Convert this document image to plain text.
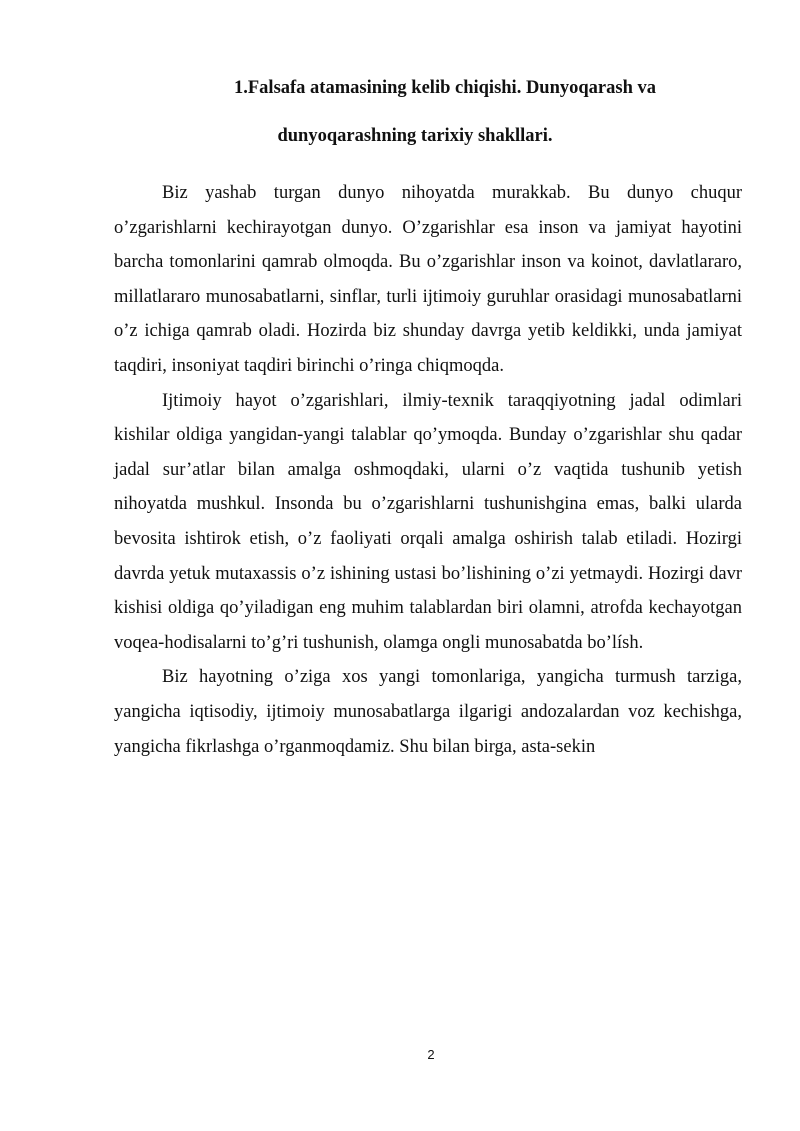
1.Falsafa atamasining kelib chiqishi. Dunyoqarash va
dunyoqarashning tarixiy shakllari.

Biz yashab turgan dunyo nihoyatda murakkab. Bu dunyo chuqur o’zgarishlarni kechirayotgan dunyo. O’zgarishlar esa inson va jamiyat hayotini barcha tomonlarini qamrab olmoqda. Bu o’zgarishlar inson va koinot, davlatlararo, millatlararo munosabatlarni, sinflar, turli ijtimoiy guruhlar orasidagi munosabatlarni o’z ichiga qamrab oladi. Hozirda biz shunday davrga yetib keldikki, unda jamiyat taqdiri, insoniyat taqdiri birinchi o’ringa chiqmoqda.

Ijtimoiy hayot o’zgarishlari, ilmiy-texnik taraqqiyotning jadal odimlari kishilar oldiga yangidan-yangi talablar qo’ymoqda. Bunday o’zgarishlar shu qadar jadal sur’atlar bilan amalga oshmoqdaki, ularni o’z vaqtida tushunib yetish nihoyatda mushkul. Insonda bu o’zgarishlarni tushunishgina emas, balki ularda bevosita ishtirok etish, o’z faoliyati orqali amalga oshirish talab etiladi. Hozirgi davrda yetuk mutaxassis o’z ishining ustasi bo’lishining o’zi yetmaydi. Hozirgi davr kishisi oldiga qo’yiladigan eng muhim talablardan biri olamni, atrofda kechayotgan voqea-hodisalarni to’g’ri tushunish, olamga ongli munosabatda bo’lísh.

Biz hayotning o’ziga xos yangi tomonlariga, yangicha turmush tarziga, yangicha iqtisodiy, ijtimoiy munosabatlarga ilgarigi andozalardan voz kechishga, yangicha fikrlashga o’rganmoqdamiz. Shu bilan birga, asta-sekin

2
